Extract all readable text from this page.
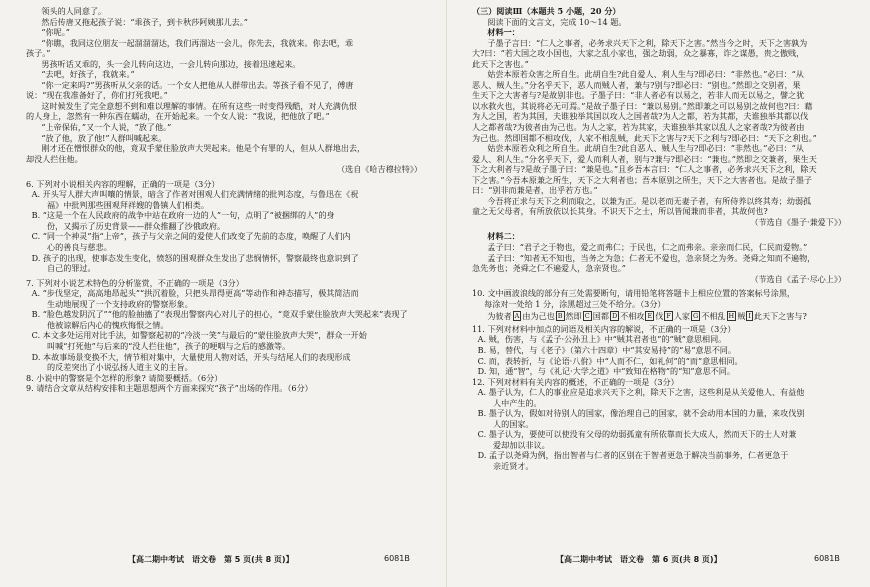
领头的人同意了。

然后传唐又拖起孩子说：“乖孩子，到卡秋莎阿姨那儿去。”

“你呢。”

“你瞧，我同这位朋友一起溜溜溜达，我们再溜达一会儿，你先去，我就来。你去吧，乖

孩子。”

男孩听话又乖的，头一会儿转向这边，一会儿转向那边，接着迅速起来。

“去吧，好孩子，我就来。”

“你一定来吗?”男孩听从父亲的话。一个女人把他从人群带出去。等孩子看不见了，傅唐

说：“现在我准备好了，你们打死我吧。”

这时候发生了完全意想不到和难以理解的事情。在所有这些一时变得残酷，对人充满仇恨

的人身上，忽然有一种东西在蠕动，在开始起来。一个女人说：“我说，把他放了吧。”

“上帝保佑，”又一个人说，“放了他。”

“放了他，放了他!”人群叫喊起来。

刚才还在憎恨群众的他，竟双手蒙住脸放声大哭起来。他是个有罪的人，但从人群地出去，

却没人拦住他。

（选自《哈吉穆拉特》）

6. 下列对小说相关内容的理解，正确的一项是（3分）

A. 开头写人群大声叫嚷的情景，暗含了作者对围观人们充满情绪的批判态度，与鲁迅在《祝

福》中批判那些围观拜祥嫂的鲁镇人们相类。

B. “这是一个在人民政府的战争中站在政府一边的人”一句，点明了“被捆绑的人”的身

份，又揭示了历史背景——群众推翻了沙俄政府。

C. “同一个神灵”指“上帝”，孩子与父亲之间的爱使人们改变了先前的态度，唤醒了人们内

心的善良与慈悲。

D. 孩子的出现，使事态发生变化，愤怒的围观群众生发出了悲悯情怀，警察最终也意识到了

自己的罪过。

7. 下列对小说艺术特色的分析鉴赏，不正确的一项是（3分）

A. “步伐坚定，高高地昂起头”“拱沉着脸，只把头昂得更高”等动作和神态描写，极其简洁而

生动地展现了一个支持政府的警察形象。

B. “脸色越发阴沉了”“他的脸抽搐了”表现出警察内心对儿子的担心，“竟双手蒙住脸放声大哭起来”表现了

他被谅解后内心的愧疚悔恨之情。

C. 本文多处运用对比手法，如警察起初的“冷淡一笑”与最后的“蒙住脸放声大哭”，群众一开始

叫喊“打死他”与后来的“没人拦住他”，孩子的哽咽与之后的感激等。

D. 本故事场景变换不大，情节相对集中，大量使用人物对话，开头与结尾人们的表现形成

的反差突出了小说弘扬人道主义的主旨。

8. 小说中的警察是个怎样的形象? 请简要概括。（6分）

9. 请结合文章从结构安排和主题思想两个方面来探究“孩子”出场的作用。（6分）

【高二期中考试　语文卷　第 5 页(共 8 页)】	6081B

（三）阅读Ⅲ（本题共 5 小题，20 分）

阅读下面的文言文，完成 10～14 题。

材料一：

子墨子言曰：“仁人之事者，必务求兴天下之利，除天下之害。”然当今之时，天下之害孰为

大?曰：“若大国之攻小国也，大家之乱小家也，强之劫弱，众之暴寡，诈之谋愚，贵之傲贱，

此天下之害也。”

姑尝本原若众害之所自生。此胡自生?此自爱人、利人生与?即必曰：“非然也。”必曰：“从

恶人、贼人生。”分名乎天下，恶人而贼人者，兼与?别与?即必曰：“别也。”然即之交别者，果

生天下之大害者与?是故别非也。子墨子曰：“非人者必有以易之，若非人而无以易之，譬之犹

以水救火也，其说将必无可焉。”是故子墨子曰：“兼以易别。”然即兼之可以易别之故何也?曰：藉

为人之国，若为其国，夫谁独举其国以攻人之国者哉?为人之都，若为其都，夫谁独举其都以伐

人之都者哉?为彼者由为己也。为人之家，若为其家，夫谁独举其家以乱人之家者哉?为彼者由

为己也。然即国都不相攻伐，人家不相乱贼，此天下之害与?天下之利与?即必曰：“天下之利也。”

姑尝本原若众利之所自生。此胡自生?此自恶人、贼人生与?即必曰：“非然也。”必曰：“从

爱人、利人生。”分名乎天下，爱人而利人者，别与?兼与?即必曰：“兼也。”然即之交兼者，果生天

下之大利者与?是故子墨子曰：“兼是也。”且乡吾本言曰：“仁人之事者，必务求兴天下之利，除天

下之害。”今吾本原兼之所生，天下之大利者也；吾本原别之所生，天下之大害者也。是故子墨子

曰：“别非而兼是者，出乎若方也。”

今吾将正求与天下之利而取之，以兼为正。是以老而无妻子者，有所侍养以终其寿；幼弱孤

童之无父母者，有所放依以长其身。不识天下之士，所以皆闻兼而非者，其故何也?

（节选自《墨子·兼爱下》）

材料二：

孟子曰：“君子之于物也，爱之而弗仁；于民也，仁之而弗亲。亲亲而仁民，仁民而爱物。”

孟子曰：“知者无不知也，当务之为急；仁者无不爱也，急亲贤之为务。尧舜之知而不遍物，

急先务也；尧舜之仁不遍爱人，急亲贤也。”

（节选自《孟子·尽心上》）

10. 文中画波浪线的部分有三处需要断句，请用铅笔将答题卡上相应位置的答案标号涂黑，

每涂对一处给 1 分，涂黑超过三处不给分。（3分）

为彼者 A 由为己也 B 然即 C 国都 D 不相攻 E 伐 F 人家 G 不相乱 H 贼 I 此天下之害与?

11. 下列对材料中加点的词语及相关内容的解说，不正确的一项是（3分）

A. 贼，伤害，与《孟子·公孙丑上》中“贼其君者也”的“贼”意思相同。

B. 易，替代，与《老子》（第六十四章）中“其安易持”的“易”意思不同。

C. 而，表转折，与《论语·八佾》中“人而不仁，如礼何”的“而”意思相同。

D. 知，通“智”，与《礼记·大学之道》中“致知在格物”的“知”意思不同。

12. 下列对材料有关内容的概述，不正确的一项是（3分）

A. 墨子认为，仁人的事业应是追求兴天下之利，除天下之害，这些利是从关爱他人、有益他

人中产生的。

B. 墨子认为，假如对待别人的国家，像治理自己的国家，就不会动用本国的力量，来攻伐别

人的国家。

C. 墨子认为，要使可以使没有父母的幼弱孤童有所依靠而长大成人，然而天下的士人对兼

爱却加以非议。

D. 孟子以尧舜为例，指出智者与仁者的区别在于智者更急于解决当前事务，仁者更急于

亲近贤才。

【高二期中考试　语文卷　第 6 页(共 8 页)】	6081B
